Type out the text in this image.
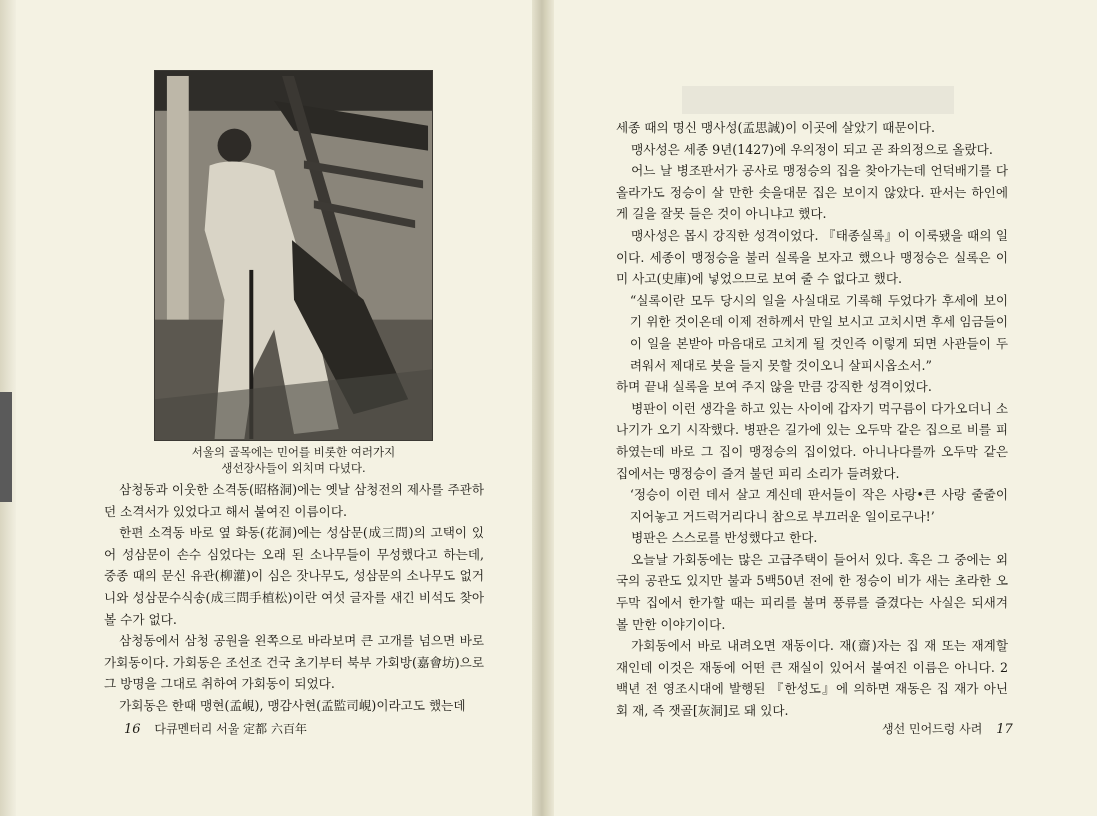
서울의 골목에는 민어를 비롯한 여러가지
생선장사들이 외치며 다녔다.

삼청동과 이웃한 소격동(昭格洞)에는 옛날 삼청전의 제사를 주관하던 소격서가 있었다고 해서 붙여진 이름이다.

한편 소격동 바로 옆 화동(花洞)에는 성삼문(成三問)의 고택이 있어 성삼문이 손수 심었다는 오래 된 소나무들이 무성했다고 하는데, 중종 때의 문신 유관(柳灌)이 심은 잣나무도, 성삼문의 소나무도 없거니와 성삼문수식송(成三問手植松)이란 여섯 글자를 새긴 비석도 찾아볼 수가 없다.

삼청동에서 삼청 공원을 왼쪽으로 바라보며 큰 고개를 넘으면 바로 가회동이다. 가회동은 조선조 건국 초기부터 북부 가회방(嘉會坊)으로 그 방명을 그대로 취하여 가회동이 되었다.

가회동은 한때 맹현(孟峴), 맹감사현(孟監司峴)이라고도 했는데

16 다큐멘터리 서울 定都 六百年

세종 때의 명신 맹사성(孟思誠)이 이곳에 살았기 때문이다.

맹사성은 세종 9년(1427)에 우의정이 되고 곧 좌의정으로 올랐다.

어느 날 병조판서가 공사로 맹정승의 집을 찾아가는데 언덕배기를 다 올라가도 정승이 살 만한 솟을대문 집은 보이지 않았다. 판서는 하인에게 길을 잘못 들은 것이 아니냐고 했다.

맹사성은 몹시 강직한 성격이었다. 『태종실록』이 이룩됐을 때의 일이다. 세종이 맹정승을 불러 실록을 보자고 했으나 맹정승은 실록은 이미 사고(史庫)에 넣었으므로 보여 줄 수 없다고 했다.

“실록이란 모두 당시의 일을 사실대로 기록해 두었다가 후세에 보이기 위한 것이온데 이제 전하께서 만일 보시고 고치시면 후세 임금들이 이 일을 본받아 마음대로 고치게 될 것인즉 이렇게 되면 사관들이 두려워서 제대로 붓을 들지 못할 것이오니 살피시옵소서.”

하며 끝내 실록을 보여 주지 않을 만큼 강직한 성격이었다.

병판이 이런 생각을 하고 있는 사이에 갑자기 먹구름이 다가오더니 소나기가 오기 시작했다. 병판은 길가에 있는 오두막 같은 집으로 비를 피하였는데 바로 그 집이 맹정승의 집이었다. 아니나다를까 오두막 같은 집에서는 맹정승이 즐겨 불던 피리 소리가 들려왔다.

‘정승이 이런 데서 살고 계신데 판서들이 작은 사랑•큰 사랑 줄줄이 지어놓고 거드럭거리다니 참으로 부끄러운 일이로구나!’

병판은 스스로를 반성했다고 한다.

오늘날 가회동에는 많은 고급주택이 들어서 있다. 혹은 그 중에는 외국의 공관도 있지만 불과 5백50년 전에 한 정승이 비가 새는 초라한 오두막 집에서 한가할 때는 피리를 불며 풍류를 즐겼다는 사실은 되새겨 볼 만한 이야기이다.

가회동에서 바로 내려오면 재동이다. 재(齋)자는 집 재 또는 재계할 재인데 이것은 재동에 어떤 큰 재실이 있어서 붙여진 이름은 아니다. 2백년 전 영조시대에 발행된 『한성도』에 의하면 재동은 집 재가 아닌 회 재, 즉 잿골[灰洞]로 돼 있다.

생선 민어드렁 사려 17
